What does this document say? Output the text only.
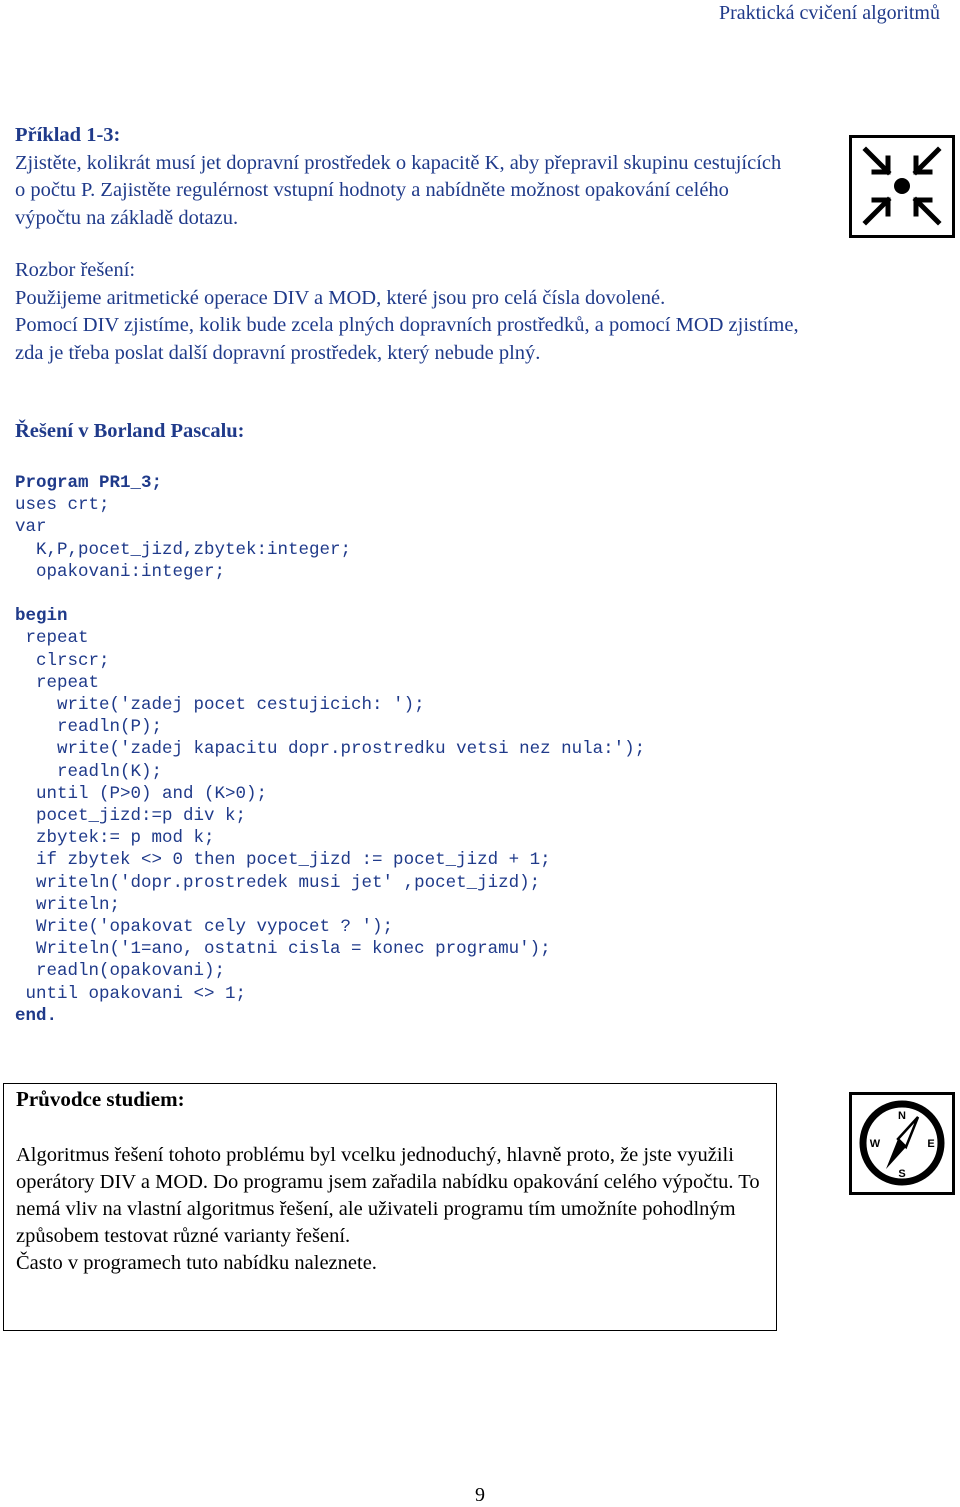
Praktická cvičení algoritmů
Příklad 1-3:
Zjistěte, kolikrát musí jet dopravní prostředek o kapacitě K, aby přepravil skupinu cestujících o počtu P. Zajistěte regulérnost vstupní hodnoty a nabídněte možnost opakování celého výpočtu na základě dotazu.
Rozbor řešení:
Použijeme aritmetické operace DIV a MOD, které jsou pro celá čísla dovolené.
Pomocí DIV zjistíme, kolik bude zcela plných dopravních prostředků, a pomocí MOD zjistíme, zda je třeba poslat další dopravní prostředek, který nebude plný.
Řešení v Borland Pascalu:
Program PR1_3;
uses crt;
var
K,P,pocet_jizd,zbytek:integer;
opakovani:integer;

begin
repeat
clrscr;
repeat
write('zadej pocet cestujicich: ');
readln(P);
write('zadej kapacitu dopr.prostredku vetsi nez nula:');
readln(K);
until (P>0) and (K>0);
pocet_jizd:=p div k;
zbytek:= p mod k;
if zbytek <> 0 then pocet_jizd := pocet_jizd + 1;
writeln('dopr.prostredek musi jet' ,pocet_jizd);
writeln;
Write('opakovat cely vypocet ? ');
Writeln('1=ano, ostatni cisla = konec programu');
readln(opakovani);
until opakovani <> 1;
end.

Průvodce studiem:
Algoritmus řešení tohoto problému byl vcelku jednoduchý, hlavně proto, že jste využili operátory DIV a MOD. Do programu jsem zařadila nabídku opakování celého výpočtu. To nemá vliv na vlastní algoritmus řešení, ale uživateli programu tím umožníte pohodlným způsobem testovat různé varianty řešení.
Často v programech tuto nabídku naleznete.
N
S
W	E
9
